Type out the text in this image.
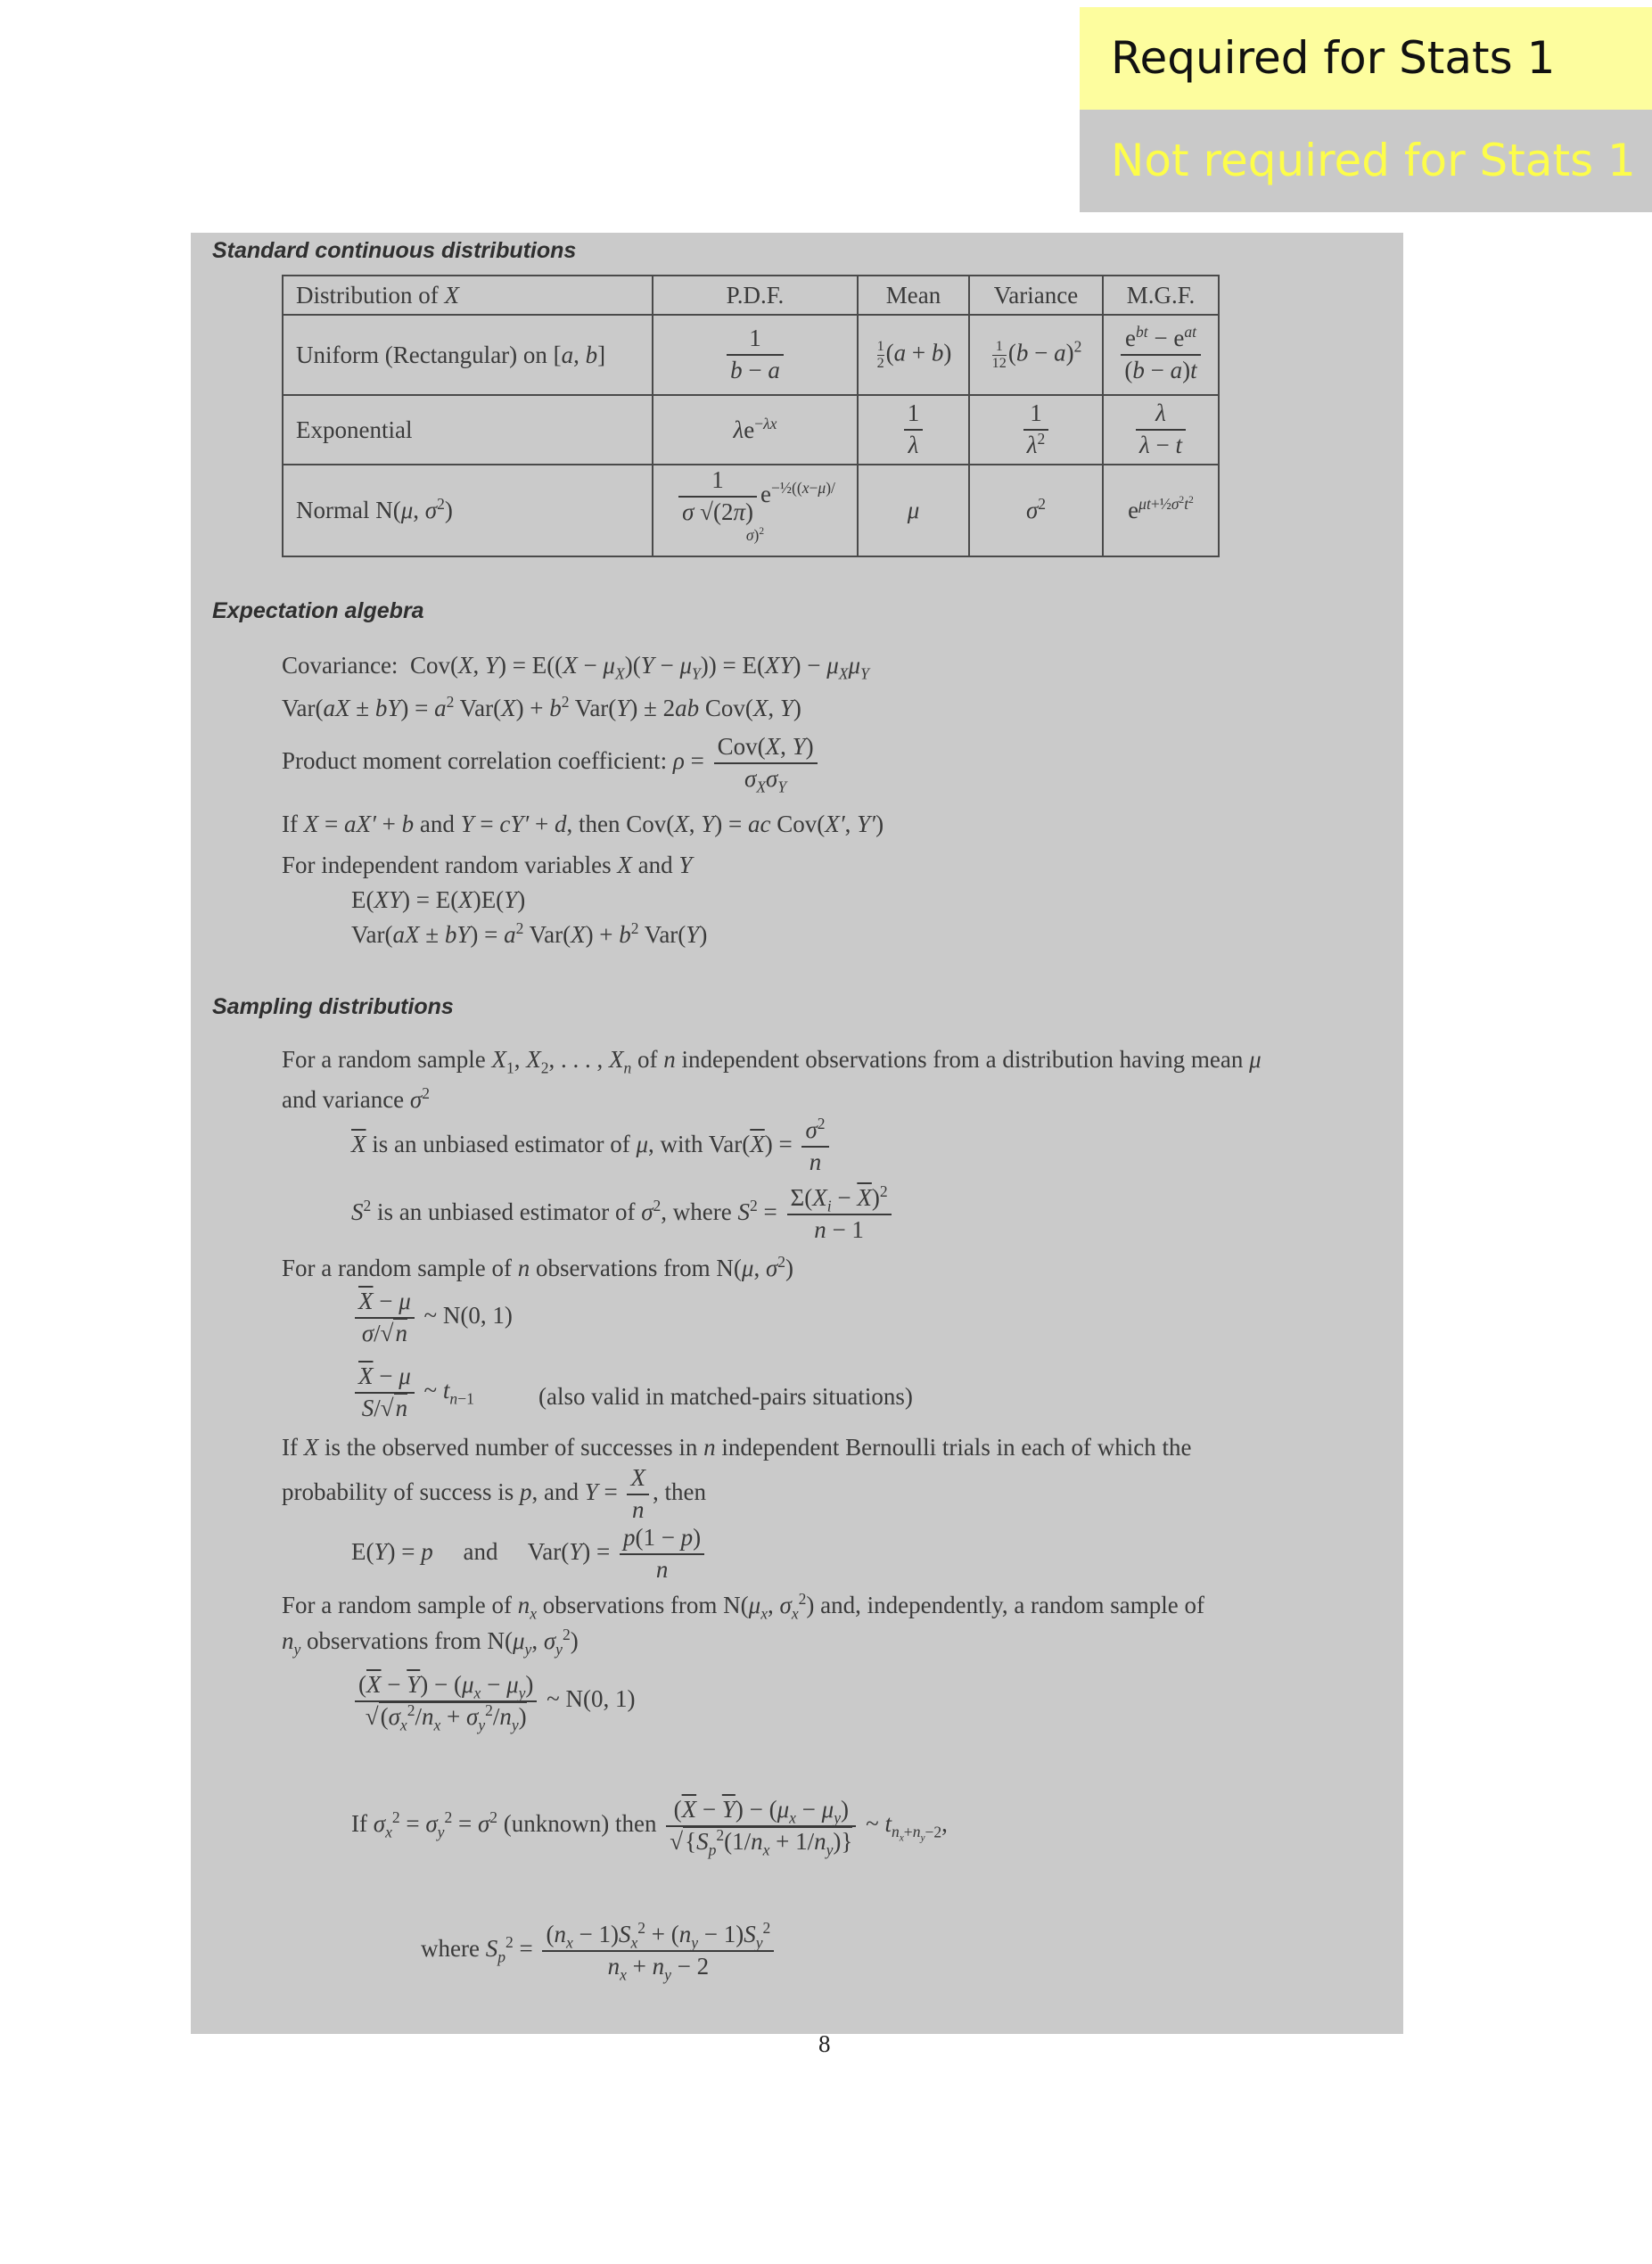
Required for Stats 1
Not required for Stats 1
Standard continuous distributions
Distribution of X	P.D.F.	Mean	Variance	M.G.F.
Uniform (Rectangular) on [a, b]	$\frac{1}{b - a}$	$\frac{1}{2} (a + b)$	$\frac{1}{12} (b - a)^2$	$\frac{e^{bt} - e^{at}}{(b - a)t}$

Exponential	$\lambda e^{-\lambda x}$	$\frac{1}{\lambda}$	$\frac{1}{\lambda^2}$	$\frac{\lambda}{\lambda - t}$

Normal N(μ, $\sigma^2$)	$\frac{1}{\sigma √(2\pi)} e^{-\frac{1}{2}((x-\mu)/\sigma)^2}$	μ	$\sigma^2$	$e^{\mu t+\frac{1}{2}\sigma^2t^2}$
Expectation algebra
Covariance:  Cov(X, $Y) = E((X - \mu_X)(Y - \mu_Y)) = E(XY) - \mu_X\mu_Y$
$Var(aX \pm bY) = a^2$ $Var(X) + b^2$ Var(Y) ± 2ab Cov(X, Y)
Product moment correlation coefficient: $\rho = \frac{\text{Cov(X, Y)}}{\sigma_X\sigma_Y}$
If X = aX′ + b and Y = cY′ + d, then Cov(X, Y) = ac Cov(X′, Y′)
For independent random variables X and Y
E(XY) = E(X)E(Y)
$Var(aX \pm bY) = a^2$ $Var(X) + b^2$ Var(Y)
Sampling distributions
For a random sample $X_1$, $X_2$, . . . , $X_n$ of n independent observations from a distribution having mean μ
and variance $\sigma^2$
$\overline{X}$ is an unbiased estimator of μ, with $Var(\overline{X}) = \frac{\sigma^2}{n}$
$S^2$ is an unbiased estimator of $\sigma^2$, where $S^2 = \frac{\Sigma(X_i - \overline{X})^2}{n - 1}$
For a random sample of n observations from N(μ, $\sigma^2$)
$\frac{\overline{X} - \mu}{\sigma/√n}$ ~ N(0, 1)
$\frac{\overline{X} - \mu}{S/√n}$ ~ $t_{n-1}$	(also valid in matched-pairs situations)
If X is the observed number of successes in n independent Bernoulli trials in each of which the
probability of success is p, and $Y = \frac{X}{n}$ , then
E(Y) = p     and     $Var(Y) = \frac{p(1 - p)}{n}$
For a random sample of $n_x$ observations from $N(\mu_x$, $\sigma_x^2$) and, independently, a random sample of
$n_y$ observations from $N(\mu_y$, $\sigma_y^2$)
$\frac{(\overline{X} - \overline{Y}) - (\mu_x - \mu_y)}{√(\sigma_x^2/n_x + \sigma_y^2/n_y)}$ ~ N(0, 1)
If $\sigma_x^2 = \sigma_y^2 = \sigma^2$ (unknown) then $\frac{(\overline{X} - \overline{Y}) - (\mu_x - \mu_y)}{√\{S_p^2(1/n_x + 1/n_y)\}}$ ~ $t_{n_x+n_y-2}$,
where $S_p^2 = \frac{(n_x - 1)S_x^2 + (n_y - 1)S_y^2}{n_x + n_y - 2}$
8
